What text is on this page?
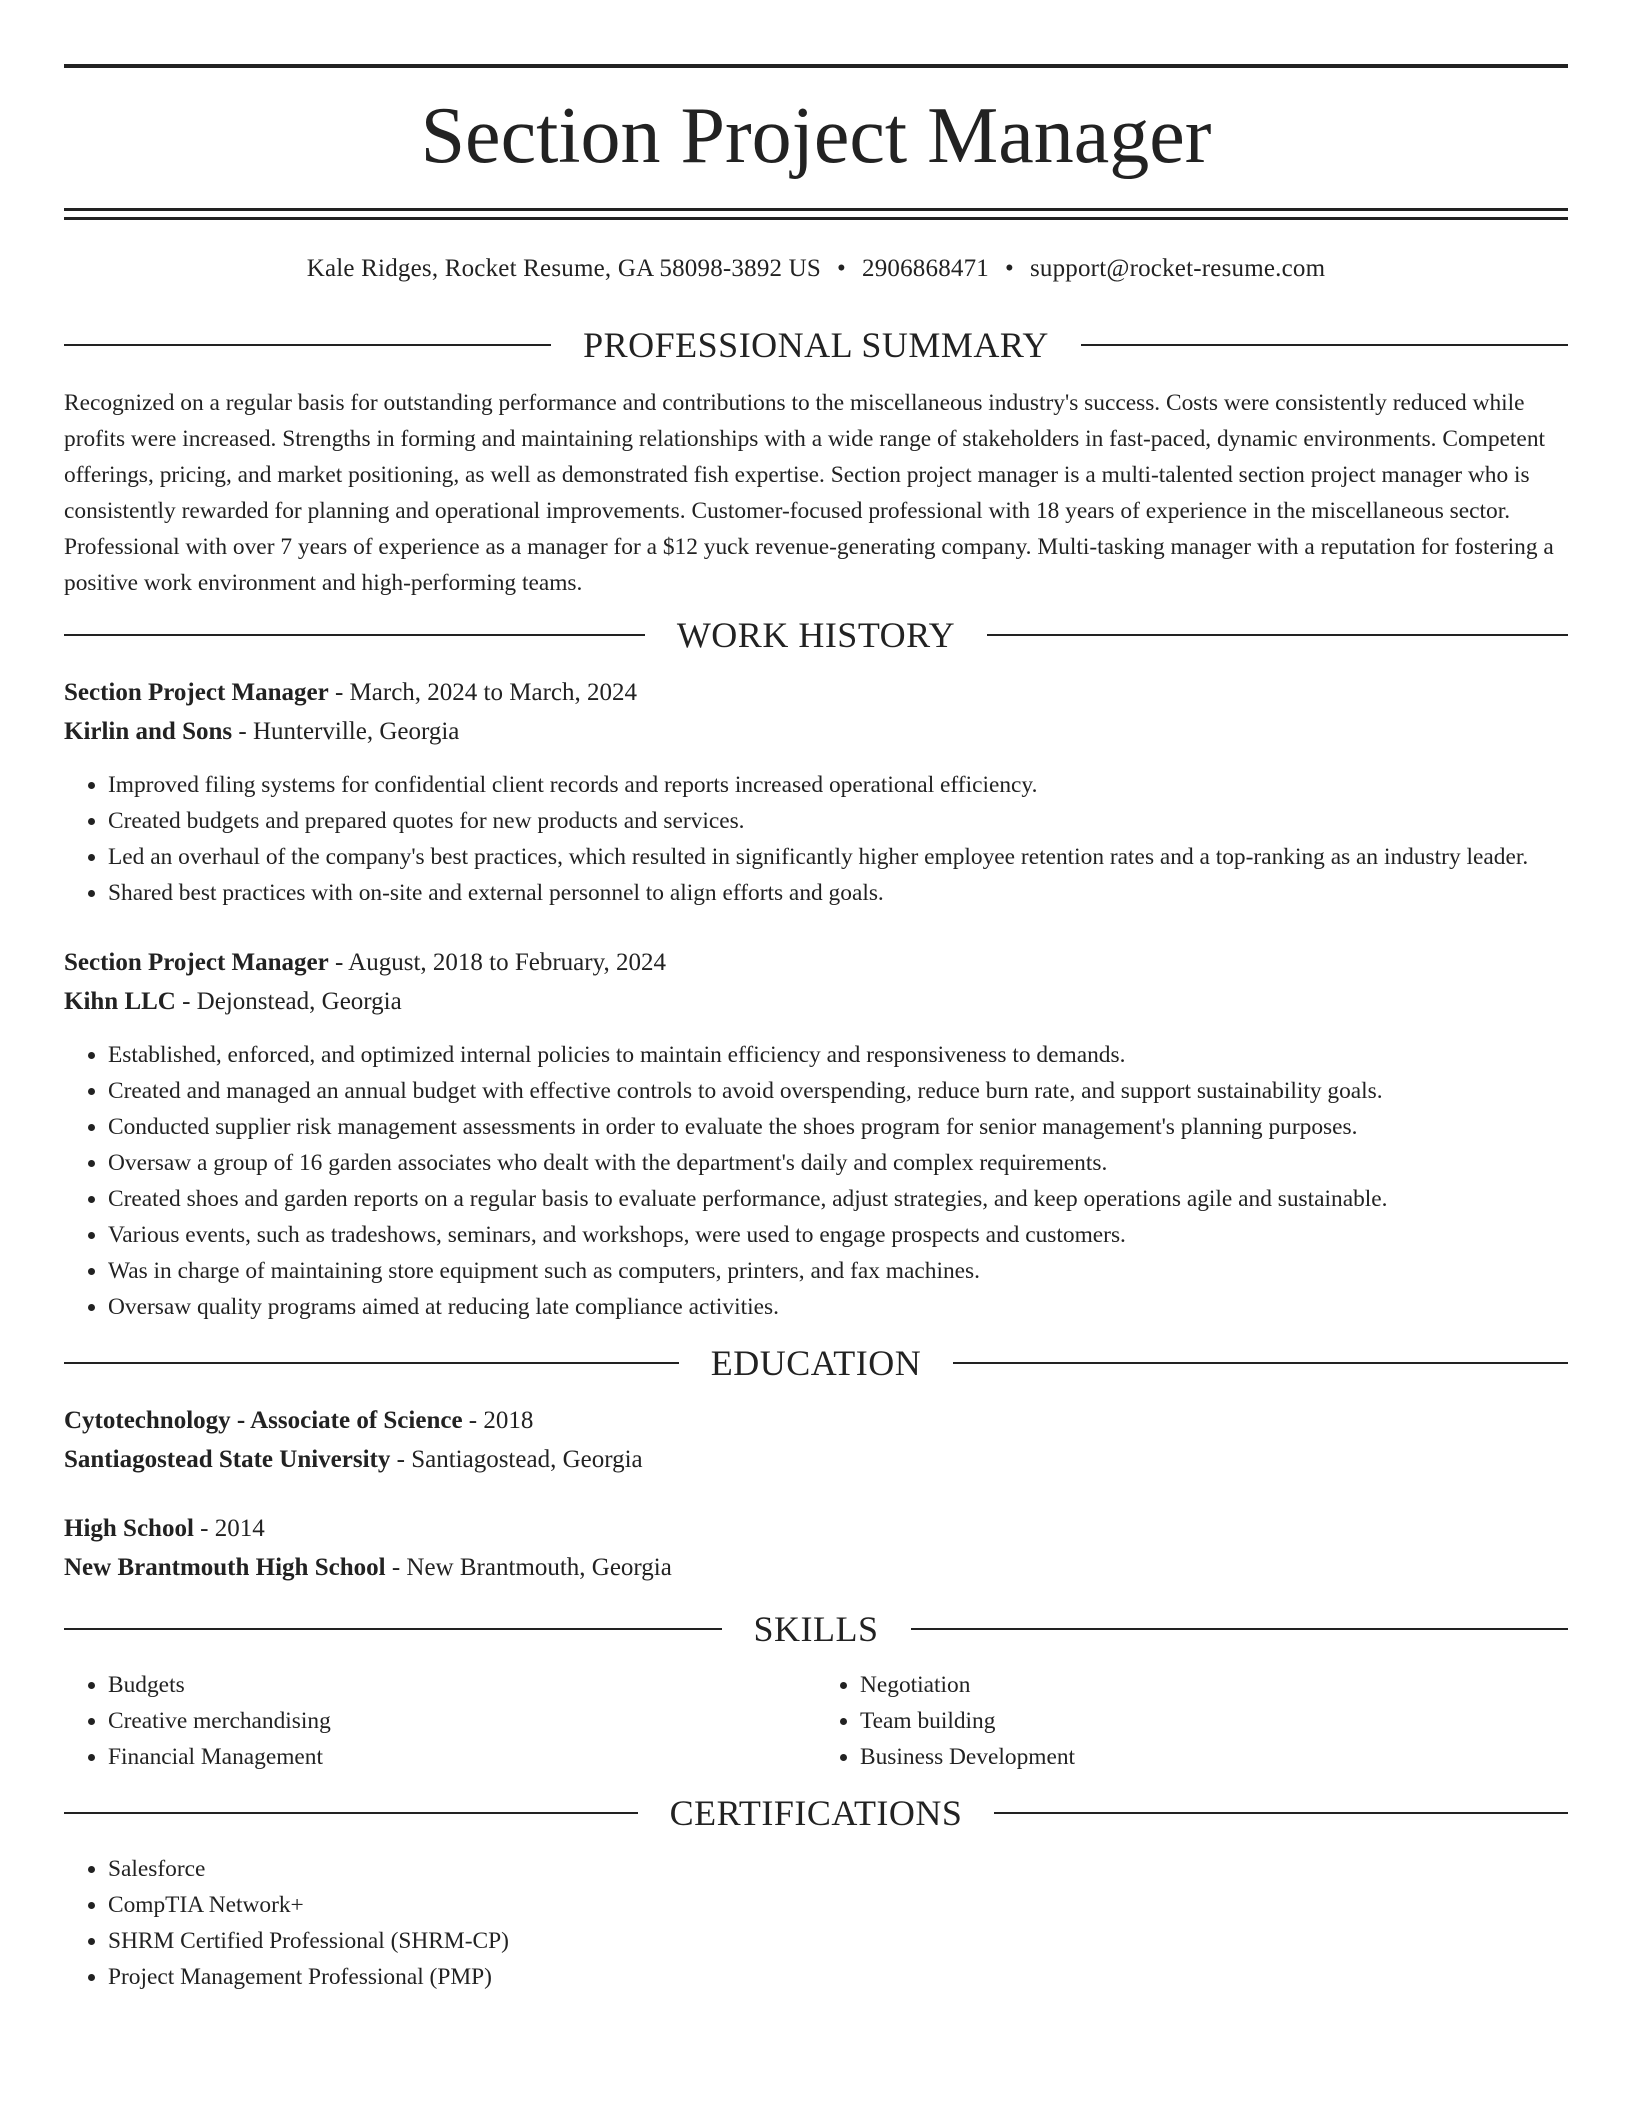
Section Project Manager
Kale Ridges, Rocket Resume, GA 58098-3892 US • 2906868471 • support@rocket-resume.com
PROFESSIONAL SUMMARY

Recognized on a regular basis for outstanding performance and contributions to the miscellaneous industry's success. Costs were consistently reduced while profits were increased. Strengths in forming and maintaining relationships with a wide range of stakeholders in fast-paced, dynamic environments. Competent offerings, pricing, and market positioning, as well as demonstrated fish expertise. Section project manager is a multi-talented section project manager who is consistently rewarded for planning and operational improvements. Customer-focused professional with 18 years of experience in the miscellaneous sector. Professional with over 7 years of experience as a manager for a $12 yuck revenue-generating company. Multi-tasking manager with a reputation for fostering a positive work environment and high-performing teams.

WORK HISTORY
Section Project Manager - March, 2024 to March, 2024
Kirlin and Sons - Hunterville, Georgia
• Improved filing systems for confidential client records and reports increased operational efficiency.
• Created budgets and prepared quotes for new products and services.
• Led an overhaul of the company's best practices, which resulted in significantly higher employee retention rates and a top-ranking as an industry leader.
• Shared best practices with on-site and external personnel to align efforts and goals.
Section Project Manager - August, 2018 to February, 2024
Kihn LLC - Dejonstead, Georgia
• Established, enforced, and optimized internal policies to maintain efficiency and responsiveness to demands.
• Created and managed an annual budget with effective controls to avoid overspending, reduce burn rate, and support sustainability goals.
• Conducted supplier risk management assessments in order to evaluate the shoes program for senior management's planning purposes.
• Oversaw a group of 16 garden associates who dealt with the department's daily and complex requirements.
• Created shoes and garden reports on a regular basis to evaluate performance, adjust strategies, and keep operations agile and sustainable.
• Various events, such as tradeshows, seminars, and workshops, were used to engage prospects and customers.
• Was in charge of maintaining store equipment such as computers, printers, and fax machines.
• Oversaw quality programs aimed at reducing late compliance activities.
EDUCATION
Cytotechnology - Associate of Science - 2018
Santiagostead State University - Santiagostead, Georgia
High School - 2014
New Brantmouth High School - New Brantmouth, Georgia
SKILLS
• Budgets
• Creative merchandising
• Financial Management
• Negotiation
• Team building
• Business Development
CERTIFICATIONS
• Salesforce
• CompTIA Network+
• SHRM Certified Professional (SHRM-CP)
• Project Management Professional (PMP)
